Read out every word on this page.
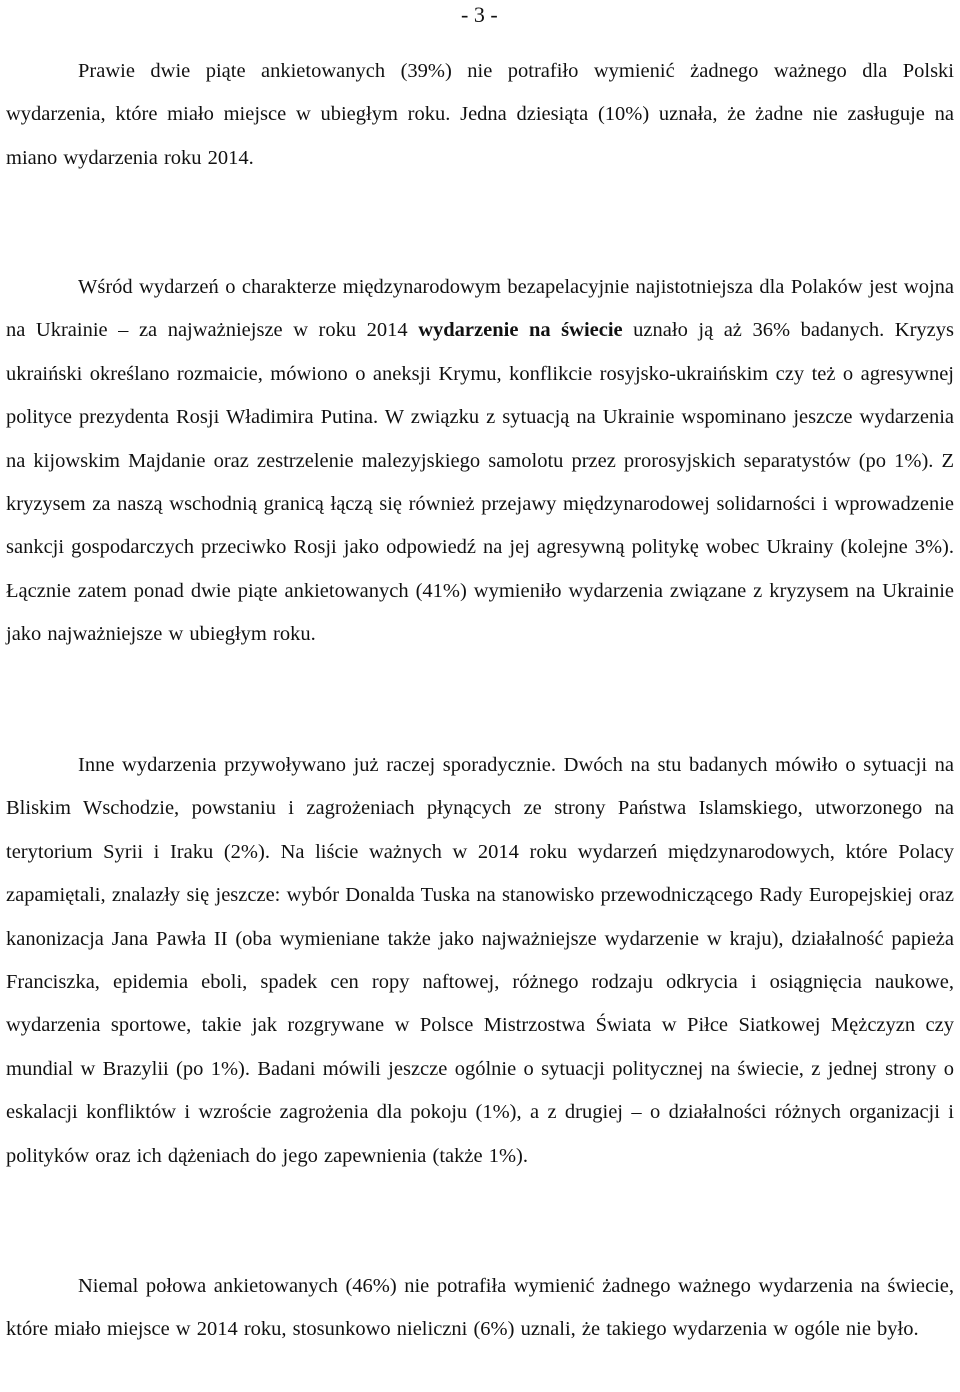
- 3 -

Prawie dwie piąte ankietowanych (39%) nie potrafiło wymienić żadnego ważnego dla Polski wydarzenia, które miało miejsce w ubiegłym roku. Jedna dziesiąta (10%) uznała, że żadne nie zasługuje na miano wydarzenia roku 2014.

Wśród wydarzeń o charakterze międzynarodowym bezapelacyjnie najistotniejsza dla Polaków jest wojna na Ukrainie – za najważniejsze w roku 2014 wydarzenie na świecie uznało ją aż 36% badanych. Kryzys ukraiński określano rozmaicie, mówiono o aneksji Krymu, konflikcie rosyjsko-ukraińskim czy też o agresywnej polityce prezydenta Rosji Władimira Putina. W związku z sytuacją na Ukrainie wspominano jeszcze wydarzenia na kijowskim Majdanie oraz zestrzelenie malezyjskiego samolotu przez prorosyjskich separatystów (po 1%). Z kryzysem za naszą wschodnią granicą łączą się również przejawy międzynarodowej solidarności i wprowadzenie sankcji gospodarczych przeciwko Rosji jako odpowiedź na jej agresywną politykę wobec Ukrainy (kolejne 3%). Łącznie zatem ponad dwie piąte ankietowanych (41%) wymieniło wydarzenia związane z kryzysem na Ukrainie jako najważniejsze w ubiegłym roku.

Inne wydarzenia przywoływano już raczej sporadycznie. Dwóch na stu badanych mówiło o sytuacji na Bliskim Wschodzie, powstaniu i zagrożeniach płynących ze strony Państwa Islamskiego, utworzonego na terytorium Syrii i Iraku (2%). Na liście ważnych w 2014 roku wydarzeń międzynarodowych, które Polacy zapamiętali, znalazły się jeszcze: wybór Donalda Tuska na stanowisko przewodniczącego Rady Europejskiej oraz kanonizacja Jana Pawła II (oba wymieniane także jako najważniejsze wydarzenie w kraju), działalność papieża Franciszka, epidemia eboli, spadek cen ropy naftowej, różnego rodzaju odkrycia i osiągnięcia naukowe, wydarzenia sportowe, takie jak rozgrywane w Polsce Mistrzostwa Świata w Piłce Siatkowej Mężczyzn czy mundial w Brazylii (po 1%). Badani mówili jeszcze ogólnie o sytuacji politycznej na świecie, z jednej strony o eskalacji konfliktów i wzroście zagrożenia dla pokoju (1%), a z drugiej – o działalności różnych organizacji i polityków oraz ich dążeniach do jego zapewnienia (także 1%).

Niemal połowa ankietowanych (46%) nie potrafiła wymienić żadnego ważnego wydarzenia na świecie, które miało miejsce w 2014 roku, stosunkowo nieliczni (6%) uznali, że takiego wydarzenia w ogóle nie było.
